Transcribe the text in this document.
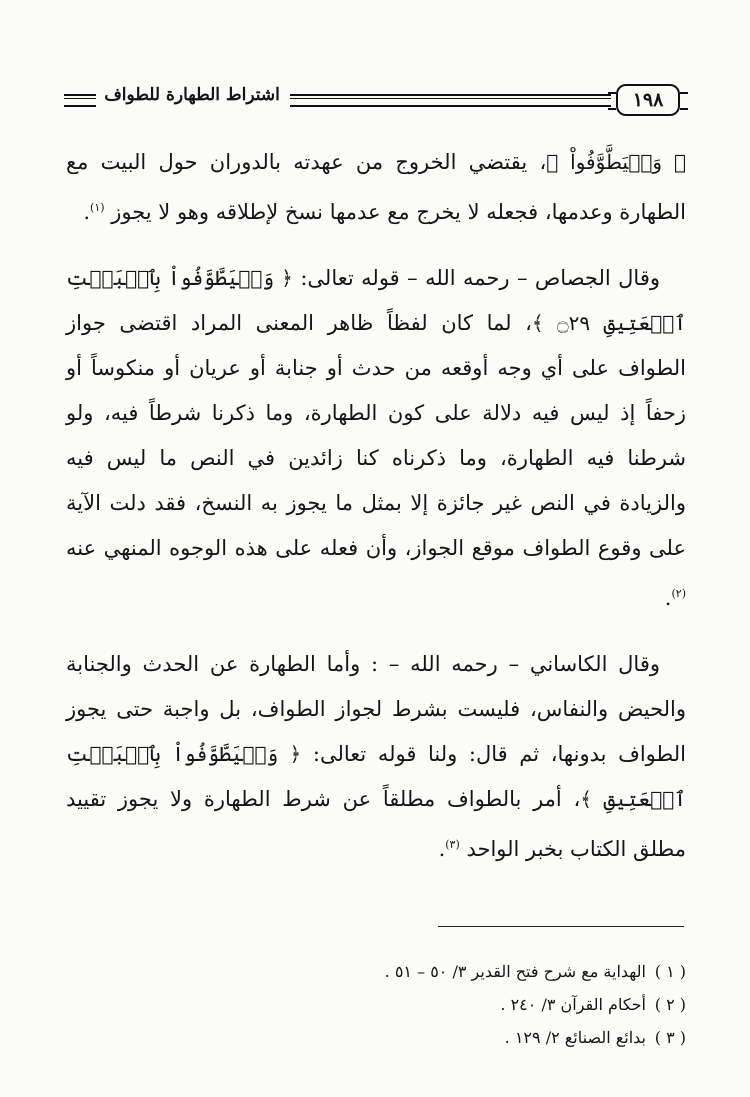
اشتراط الطهارة للطواف	١٩٨

﴿ وَلۡيَطَّوَّفُواْ ﴾، يقتضي الخروج من عهدته بالدوران حول البيت مع الطهارة وعدمها، فجعله لا يخرج مع عدمها نسخ لإطلاقه وهو لا يجوز $^{(١)}$.

وقال الجصاص – رحمه الله – قوله تعالى: ﴿ وَلۡيَطَّوَّفُواْ بِٱلۡبَيۡتِ ٱلۡعَتِيقِ ۝٢٩ ﴾، لما كان لفظاً ظاهر المعنى المراد اقتضى جواز الطواف على أي وجه أوقعه من حدث أو جنابة أو عريان أو منكوساً أو زحفاً إذ ليس فيه دلالة على كون الطهارة، وما ذكرنا شرطاً فيه، ولو شرطنا فيه الطهارة، وما ذكرناه كنا زائدين في النص ما ليس فيه والزيادة في النص غير جائزة إلا بمثل ما يجوز به النسخ، فقد دلت الآية على وقوع الطواف موقع الجواز، وأن فعله على هذه الوجوه المنهي عنه $^{(٢)}$.

وقال الكاساني – رحمه الله – : وأما الطهارة عن الحدث والجنابة والحيض والنفاس، فليست بشرط لجواز الطواف، بل واجبة حتى يجوز الطواف بدونها، ثم قال: ولنا قوله تعالى: ﴿ وَلۡيَطَّوَّفُواْ بِٱلۡبَيۡتِ ٱلۡعَتِيقِ ﴾، أمر بالطواف مطلقاً عن شرط الطهارة ولا يجوز تقييد مطلق الكتاب بخبر الواحد $^{(٣)}$.

( ١ )
الهداية مع شرح فتح القدير ٣/ ٥٠ – ٥١ .
( ٢ )
أحكام القرآن ٣/ ٢٤٠ .
( ٣ )
بدائع الصنائع ٢/ ١٢٩ .
